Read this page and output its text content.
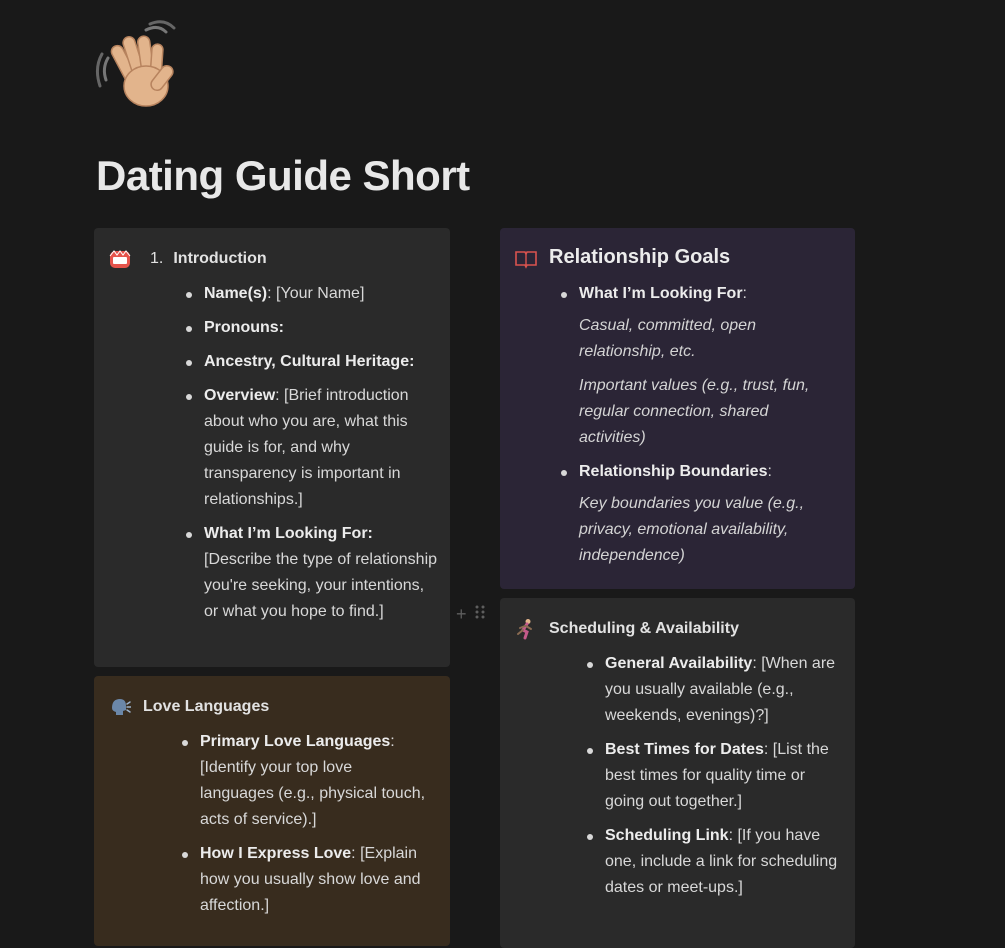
Dating Guide Short
1. Introduction
Name(s): [Your Name]
Pronouns:
Ancestry, Cultural Heritage:
Overview: [Brief introduction about who you are, what this guide is for, and why transparency is important in relationships.]
What I’m Looking For: [Describe the type of relationship you're seeking, your intentions, or what you hope to find.]
Love Languages
Primary Love Languages: [Identify your top love languages (e.g., physical touch, acts of service).]
How I Express Love: [Explain how you usually show love and affection.]
Relationship Goals
What I’m Looking For:
Casual, committed, open relationship, etc.
Important values (e.g., trust, fun, regular connection, shared activities)
Relationship Boundaries:
Key boundaries you value (e.g., privacy, emotional availability, independence)
+
Scheduling & Availability
General Availability: [When are you usually available (e.g., weekends, evenings)?]
Best Times for Dates: [List the best times for quality time or going out together.]
Scheduling Link: [If you have one, include a link for scheduling dates or meet-ups.]
